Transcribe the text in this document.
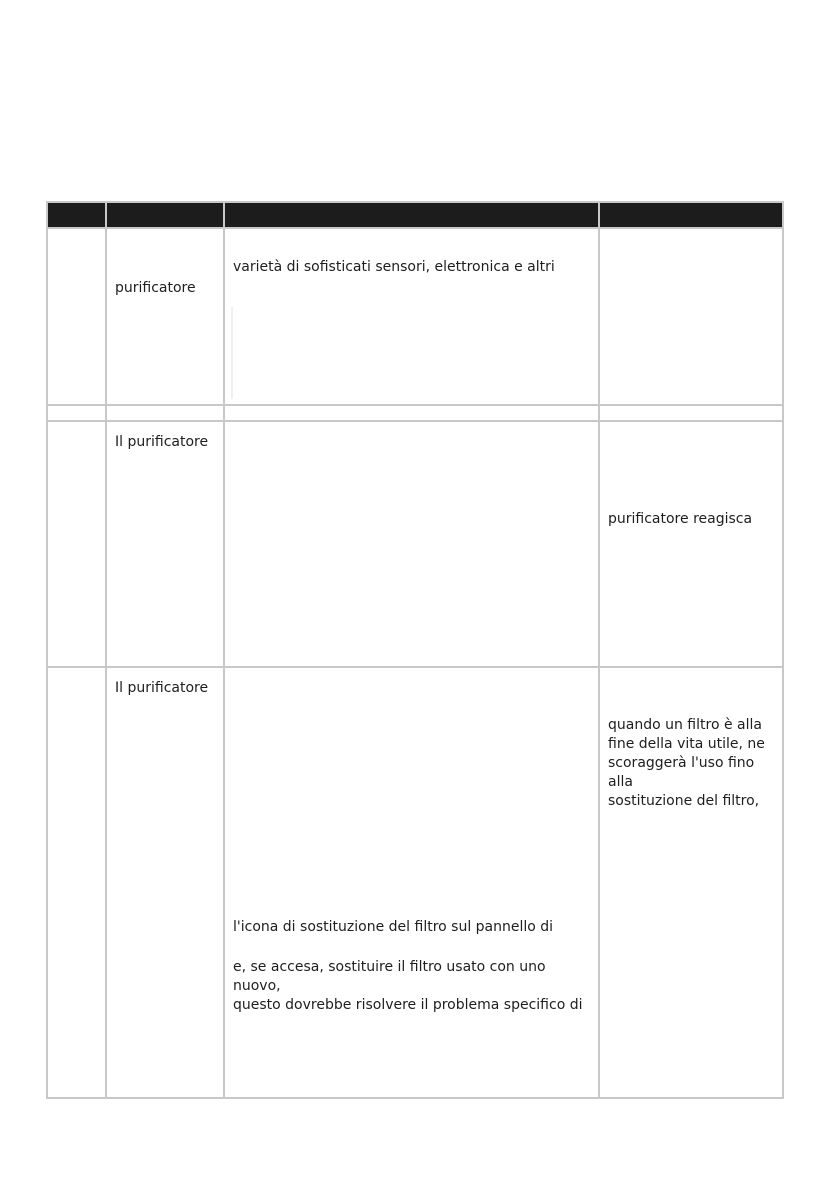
	purificatore	varietà di sofisticati sensori, elettronica e altri	

	Il purificatore		purificatore reagisca

	Il purificatore	l'icona di sostituzione del filtro sul pannello di
e, se accesa, sostituire il filtro usato con uno nuovo,
questo dovrebbe risolvere il problema specifico di	quando un filtro è alla
fine della vita utile, ne
scoraggerà l'uso fino alla
sostituzione del filtro,
